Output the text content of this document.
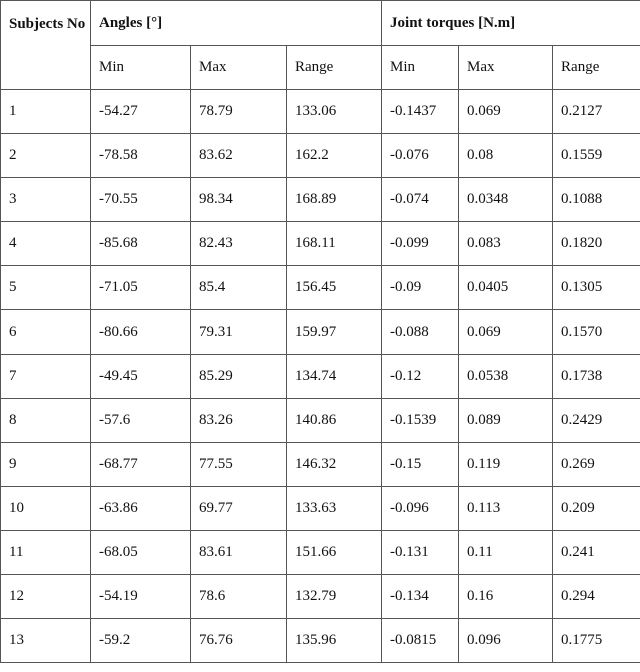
Subjects No	Angles [°]			Joint torques [N.m]		
	Min	Max	Range	Min	Max	Range
1	-54.27	78.79	133.06	-0.1437	0.069	0.2127
2	-78.58	83.62	162.2	-0.076	0.08	0.1559
3	-70.55	98.34	168.89	-0.074	0.0348	0.1088
4	-85.68	82.43	168.11	-0.099	0.083	0.1820
5	-71.05	85.4	156.45	-0.09	0.0405	0.1305
6	-80.66	79.31	159.97	-0.088	0.069	0.1570
7	-49.45	85.29	134.74	-0.12	0.0538	0.1738
8	-57.6	83.26	140.86	-0.1539	0.089	0.2429
9	-68.77	77.55	146.32	-0.15	0.119	0.269
10	-63.86	69.77	133.63	-0.096	0.113	0.209
11	-68.05	83.61	151.66	-0.131	0.11	0.241
12	-54.19	78.6	132.79	-0.134	0.16	0.294
13	-59.2	76.76	135.96	-0.0815	0.096	0.1775
